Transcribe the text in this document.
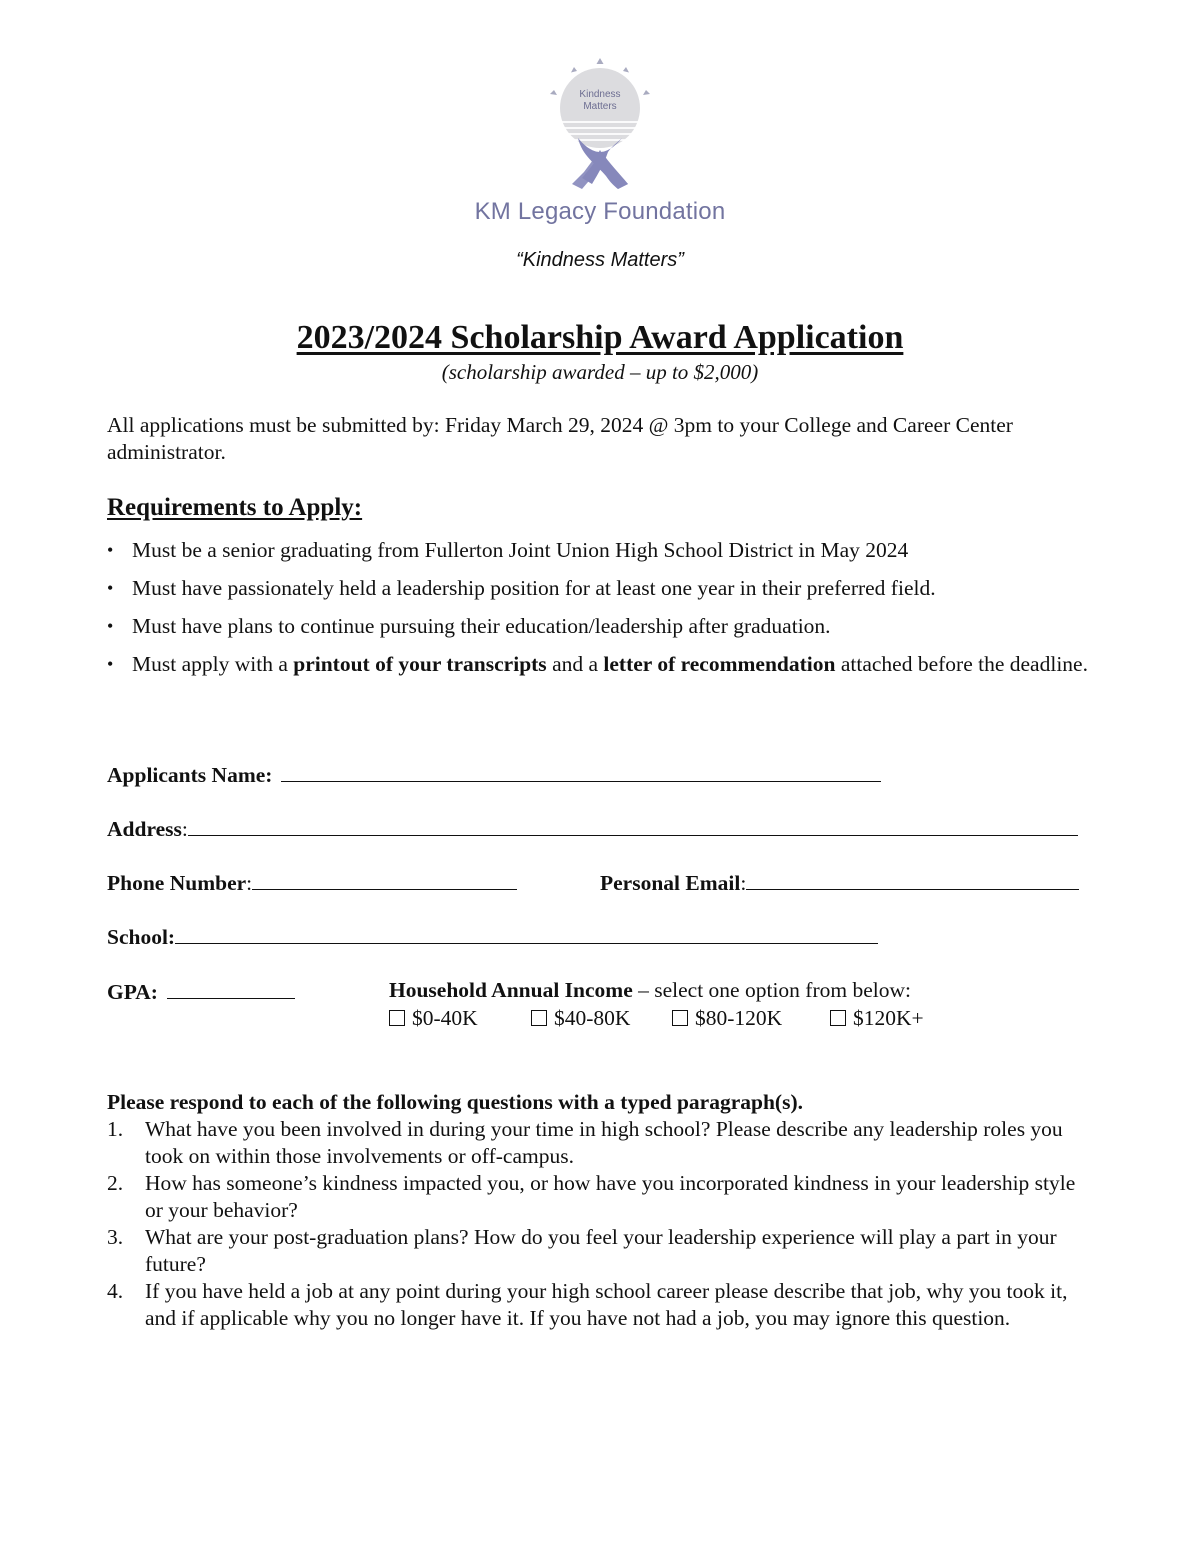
Kindness
Matters
KM Legacy Foundation
“Kindness Matters”
2023/2024 Scholarship Award Application
(scholarship awarded – up to $2,000)
All applications must be submitted by: Friday March 29, 2024 @ 3pm to your College and Career Center administrator.
Requirements to Apply:
• Must be a senior graduating from Fullerton Joint Union High School District in May 2024
• Must have passionately held a leadership position for at least one year in their preferred field.
• Must have plans to continue pursuing their education/leadership after graduation.
• Must apply with a printout of your transcripts and a letter of recommendation attached before the deadline.
Applicants Name:
Address:
Phone Number:	Personal Email:
School:
GPA:	Household Annual Income – select one option from below:
$0-40K	$40-80K	$80-120K	$120K+
Please respond to each of the following questions with a typed paragraph(s).
1. What have you been involved in during your time in high school? Please describe any leadership roles you took on within those involvements or off-campus.
2. How has someone’s kindness impacted you, or how have you incorporated kindness in your leadership style or your behavior?
3. What are your post-graduation plans? How do you feel your leadership experience will play a part in your future?
4. If you have held a job at any point during your high school career please describe that job, why you took it, and if applicable why you no longer have it. If you have not had a job, you may ignore this question.
